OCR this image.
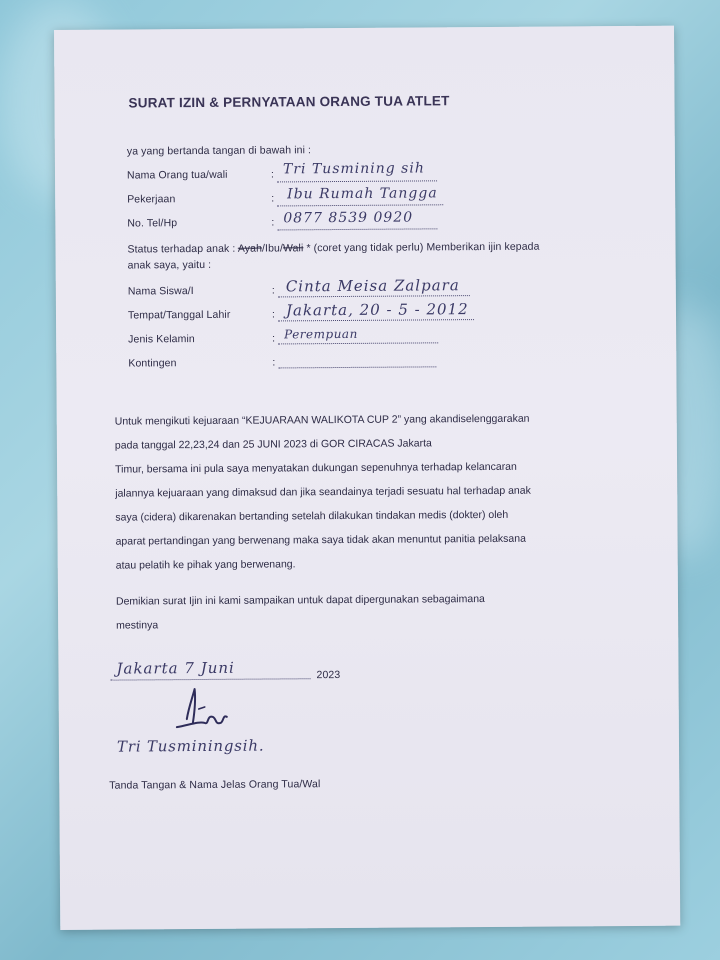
SURAT IZIN & PERNYATAAN ORANG TUA ATLET
ya yang bertanda tangan di bawah ini :
Nama Orang tua/wali	: Tri Tusmining sih
Pekerjaan	: Ibu Rumah Tangga
No. Tel/Hp	: 0877 8539 0920
Status terhadap anak : Ayah/Ibu/Wali * (coret yang tidak perlu) Memberikan ijin kepada
anak saya, yaitu :
Nama Siswa/I	: Cinta Meisa Zalpara
Tempat/Tanggal Lahir	: Jakarta, 20 - 5 - 2012
Jenis Kelamin	: Perempuan
Kontingen	:
Untuk mengikuti kejuaraan “KEJUARAAN WALIKOTA CUP 2” yang akandiselenggarakan
pada tanggal 22,23,24 dan 25 JUNI 2023 di GOR CIRACAS Jakarta
Timur, bersama ini pula saya menyatakan dukungan sepenuhnya terhadap kelancaran
jalannya kejuaraan yang dimaksud dan jika seandainya terjadi sesuatu hal terhadap anak
saya (cidera) dikarenakan bertanding setelah dilakukan tindakan medis (dokter) oleh
aparat pertandingan yang berwenang maka saya tidak akan menuntut panitia pelaksana
atau pelatih ke pihak yang berwenang.
Demikian surat Ijin ini kami sampaikan untuk dapat dipergunakan sebagaimana
mestinya
Jakarta 7 Juni	2023
Tri Tusminingsih.
Tanda Tangan & Nama Jelas Orang Tua/Wal
